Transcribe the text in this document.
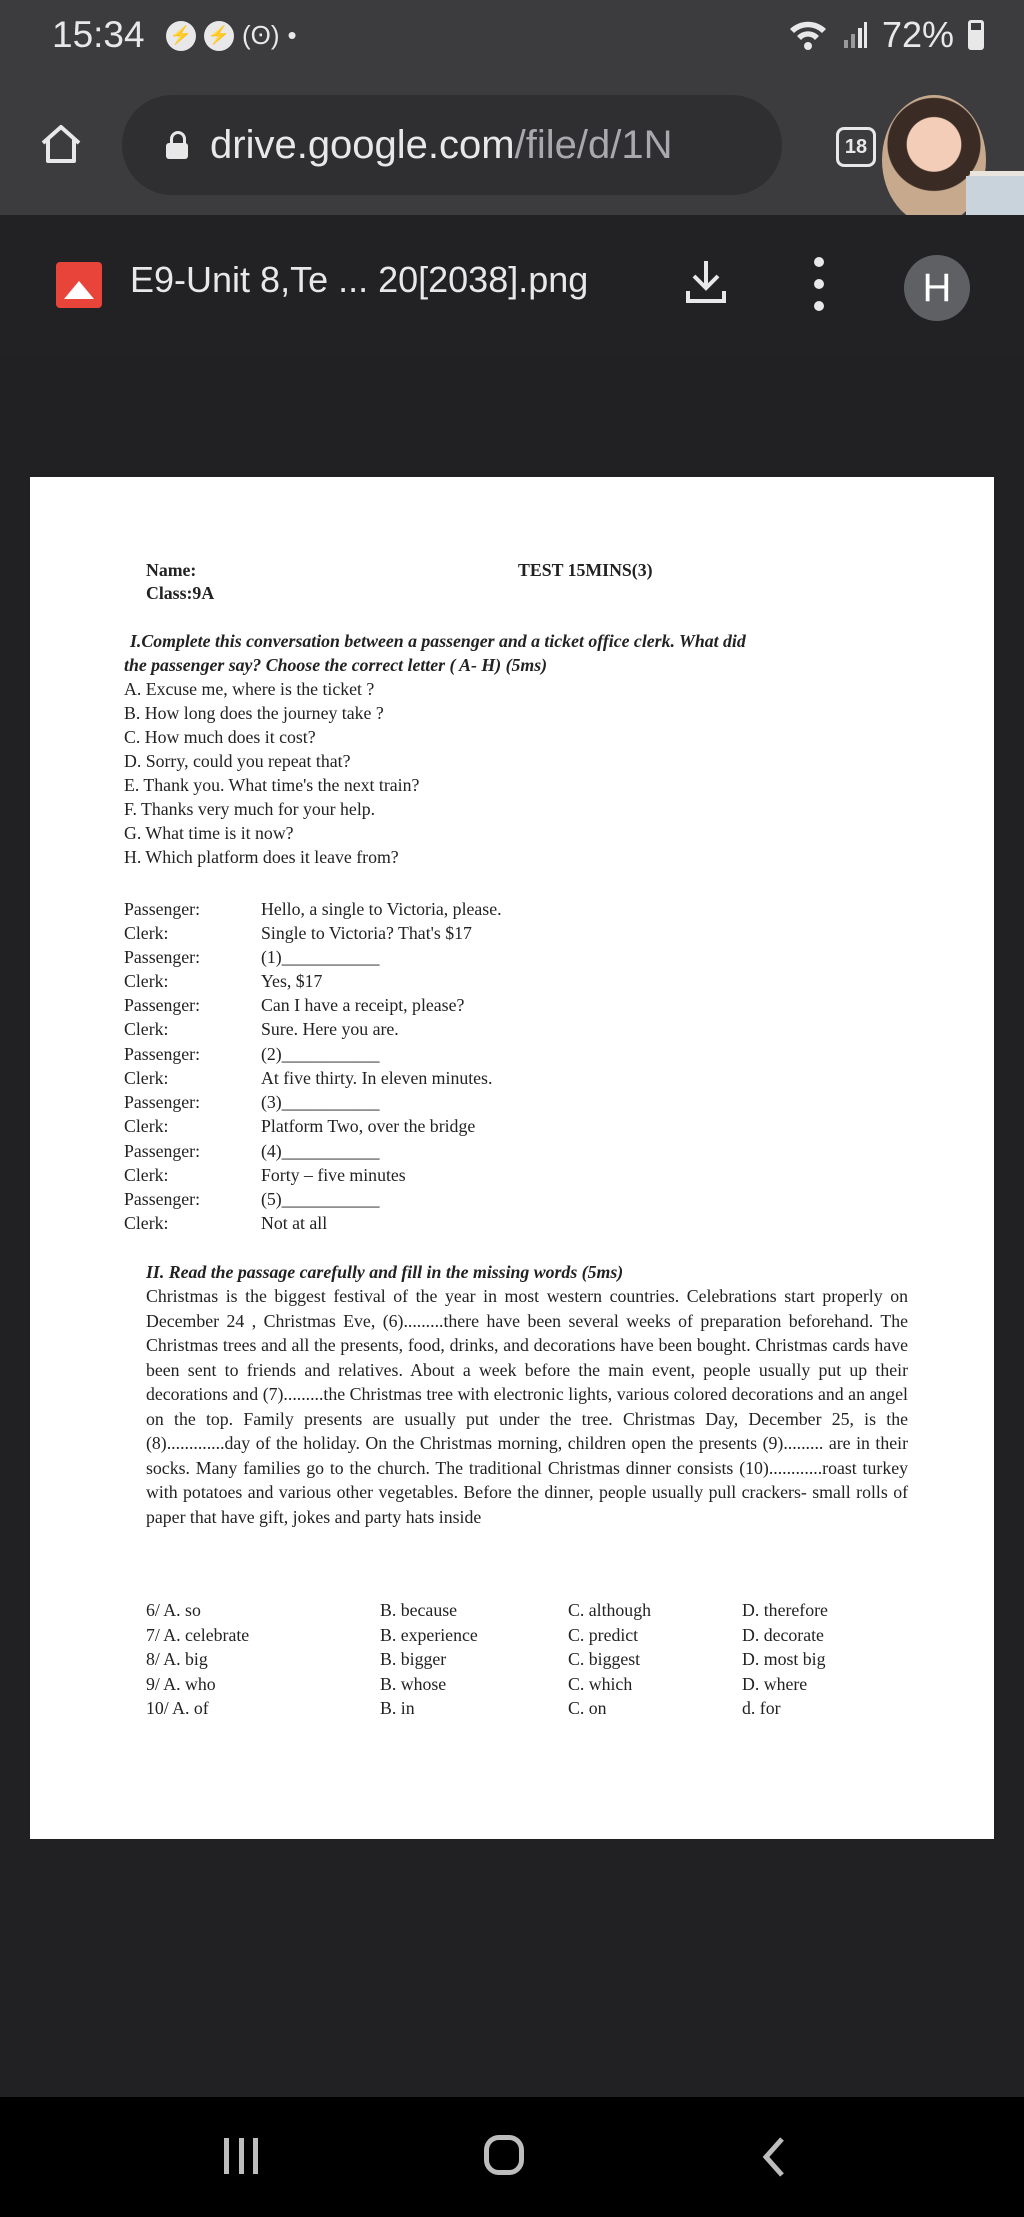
15:34 ⚡ ⚡ (ʘ) •	72%
drive.google.com/file/d/1N	18
E9-Unit 8,Te ... 20[2038].png	H
Name:
Class:9A
TEST 15MINS(3)
I.Complete this conversation between a passenger and a ticket office clerk. What did
the passenger say? Choose the correct letter ( A- H) (5ms)
A. Excuse me, where is the ticket ?
B. How long does the journey take ?
C. How much does it cost?
D. Sorry, could you repeat that?
E. Thank you. What time's the next train?
F. Thanks very much for your help.
G. What time is it now?
H. Which platform does it leave from?
Passenger:	Hello, a single to Victoria, please.
Clerk:	Single to Victoria? That's $17
Passenger:	(1)___________
Clerk:	Yes, $17
Passenger:	Can I have a receipt, please?
Clerk:	Sure. Here you are.
Passenger:	(2)___________
Clerk:	At five thirty. In eleven minutes.
Passenger:	(3)___________
Clerk:	Platform Two, over the bridge
Passenger:	(4)___________
Clerk:	Forty – five minutes
Passenger:	(5)___________
Clerk:	Not at all
II. Read the passage carefully and fill in the missing words (5ms)

Christmas is the biggest festival of the year in most western countries. Celebrations start properly on December 24 , Christmas Eve, (6).........there have been several weeks of preparation beforehand. The Christmas trees and all the presents, food, drinks, and decorations have been bought. Christmas cards have been sent to friends and relatives. About a week before the main event, people usually put up their decorations and (7).........the Christmas tree with electronic lights, various colored decorations and an angel on the top. Family presents are usually put under the tree. Christmas Day, December 25, is the (8).............day of the holiday. On the Christmas morning, children open the presents (9)......... are in their socks. Many families go to the church. The traditional Christmas dinner consists (10)............roast turkey with potatoes and various other vegetables. Before the dinner, people usually pull crackers- small rolls of paper that have gift, jokes and party hats inside

6/ A. so	B. because	C. although	D. therefore
7/ A. celebrate	B. experience	C. predict	D. decorate
8/ A. big	B. bigger	C. biggest	D. most big
9/ A. who	B. whose	C. which	D. where
10/ A. of	B. in	C. on	d. for
